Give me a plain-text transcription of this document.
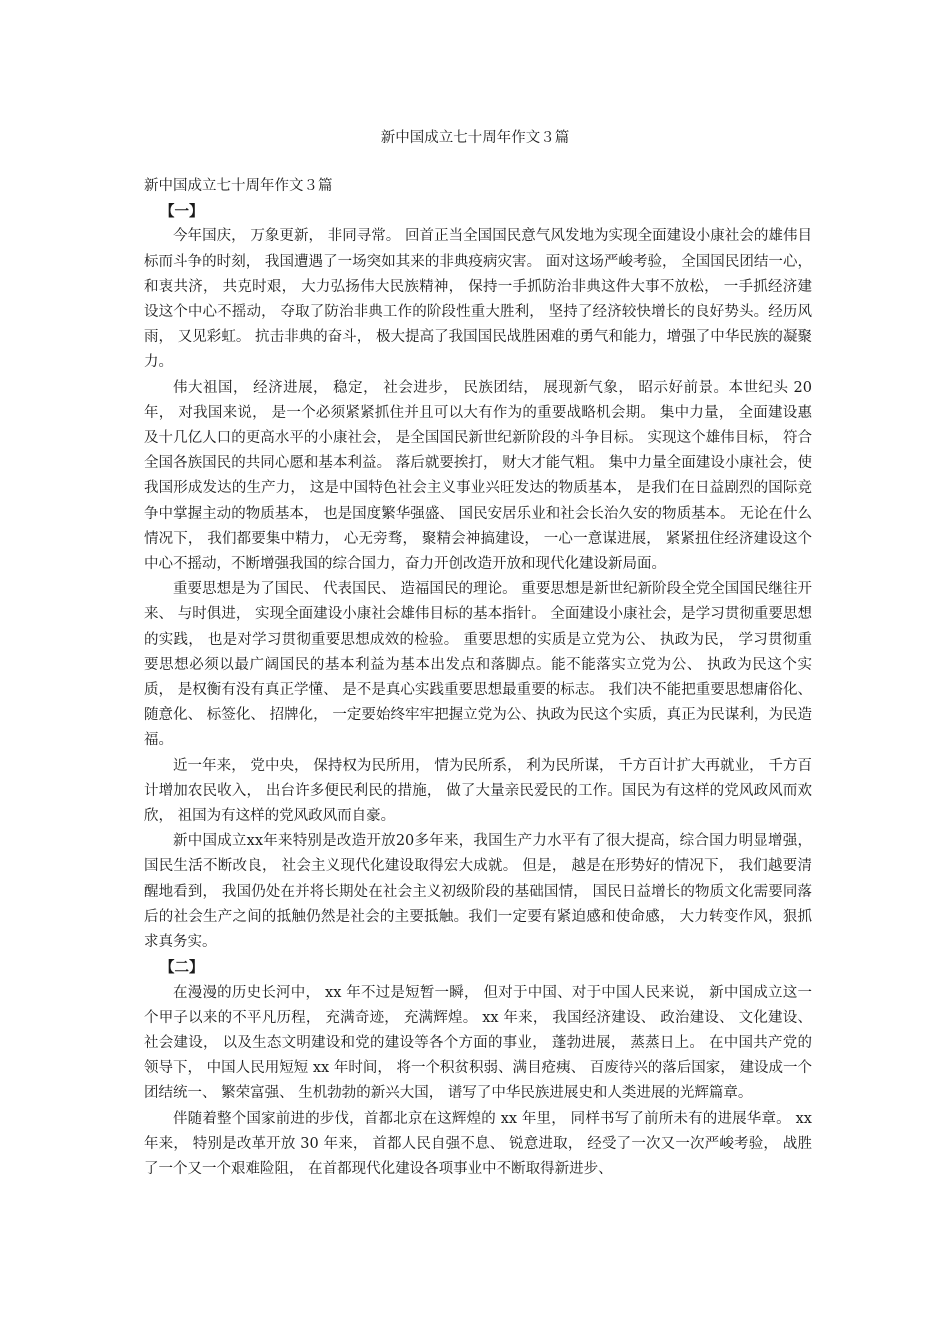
新中国成立七十周年作文３篇

新中国成立七十周年作文３篇

【一】

今年国庆， 万象更新， 非同寻常。 回首正当全国国民意气风发地为实现全面建设小康社会的雄伟目标而斗争的时刻， 我国遭遇了一场突如其来的非典疫病灾害。 面对这场严峻考验， 全国国民团结一心， 和衷共济， 共克时艰， 大力弘扬伟大民族精神， 保持一手抓防治非典这件大事不放松， 一手抓经济建设这个中心不摇动， 夺取了防治非典工作的阶段性重大胜利， 坚持了经济较快增长的良好势头。经历风雨， 又见彩虹。 抗击非典的奋斗， 极大提高了我国国民战胜困难的勇气和能力，增强了中华民族的凝聚力。

伟大祖国， 经济进展， 稳定， 社会进步， 民族团结， 展现新气象， 昭示好前景。本世纪头 20 年， 对我国来说， 是一个必须紧紧抓住并且可以大有作为的重要战略机会期。 集中力量， 全面建设惠及十几亿人口的更高水平的小康社会， 是全国国民新世纪新阶段的斗争目标。 实现这个雄伟目标， 符合全国各族国民的共同心愿和基本利益。 落后就要挨打， 财大才能气粗。 集中力量全面建设小康社会，使我国形成发达的生产力， 这是中国特色社会主义事业兴旺发达的物质基本， 是我们在日益剧烈的国际竞争中掌握主动的物质基本， 也是国度繁华强盛、 国民安居乐业和社会长治久安的物质基本。 无论在什么情况下， 我们都要集中精力， 心无旁骛， 聚精会神搞建设， 一心一意谋进展， 紧紧扭住经济建设这个中心不摇动，不断增强我国的综合国力，奋力开创改造开放和现代化建设新局面。

重要思想是为了国民、 代表国民、 造福国民的理论。 重要思想是新世纪新阶段全党全国国民继往开来、 与时俱进， 实现全面建设小康社会雄伟目标的基本指针。 全面建设小康社会，是学习贯彻重要思想的实践， 也是对学习贯彻重要思想成效的检验。 重要思想的实质是立党为公、 执政为民， 学习贯彻重要思想必须以最广阔国民的基本利益为基本出发点和落脚点。能不能落实立党为公、 执政为民这个实质， 是权衡有没有真正学懂、 是不是真心实践重要思想最重要的标志。 我们决不能把重要思想庸俗化、 随意化、 标签化、 招牌化， 一定要始终牢牢把握立党为公、执政为民这个实质，真正为民谋利，为民造福。

近一年来， 党中央， 保持权为民所用， 情为民所系， 利为民所谋， 千方百计扩大再就业， 千方百计增加农民收入， 出台许多便民利民的措施， 做了大量亲民爱民的工作。国民为有这样的党风政风而欢欣， 祖国为有这样的党风政风而自豪。

新中国成立xx年来特别是改造开放20多年来，我国生产力水平有了很大提高，综合国力明显增强， 国民生活不断改良， 社会主义现代化建设取得宏大成就。 但是， 越是在形势好的情况下， 我们越要清醒地看到， 我国仍处在并将长期处在社会主义初级阶段的基础国情， 国民日益增长的物质文化需要同落后的社会生产之间的抵触仍然是社会的主要抵触。我们一定要有紧迫感和使命感， 大力转变作风，狠抓求真务实。

【二】

在漫漫的历史长河中， xx 年不过是短暂一瞬， 但对于中国、对于中国人民来说， 新中国成立这一个甲子以来的不平凡历程， 充满奇迹， 充满辉煌。 xx 年来， 我国经济建设、 政治建设、 文化建设、 社会建设， 以及生态文明建设和党的建设等各个方面的事业， 蓬勃进展， 蒸蒸日上。 在中国共产党的领导下， 中国人民用短短 xx 年时间， 将一个积贫积弱、满目疮痍、 百废待兴的落后国家， 建设成一个团结统一、 繁荣富强、 生机勃勃的新兴大国， 谱写了中华民族进展史和人类进展的光辉篇章。

伴随着整个国家前进的步伐，首都北京在这辉煌的 xx 年里， 同样书写了前所未有的进展华章。 xx 年来， 特别是改革开放 30 年来， 首都人民自强不息、 锐意进取， 经受了一次又一次严峻考验， 战胜了一个又一个艰难险阻， 在首都现代化建设各项事业中不断取得新进步、
